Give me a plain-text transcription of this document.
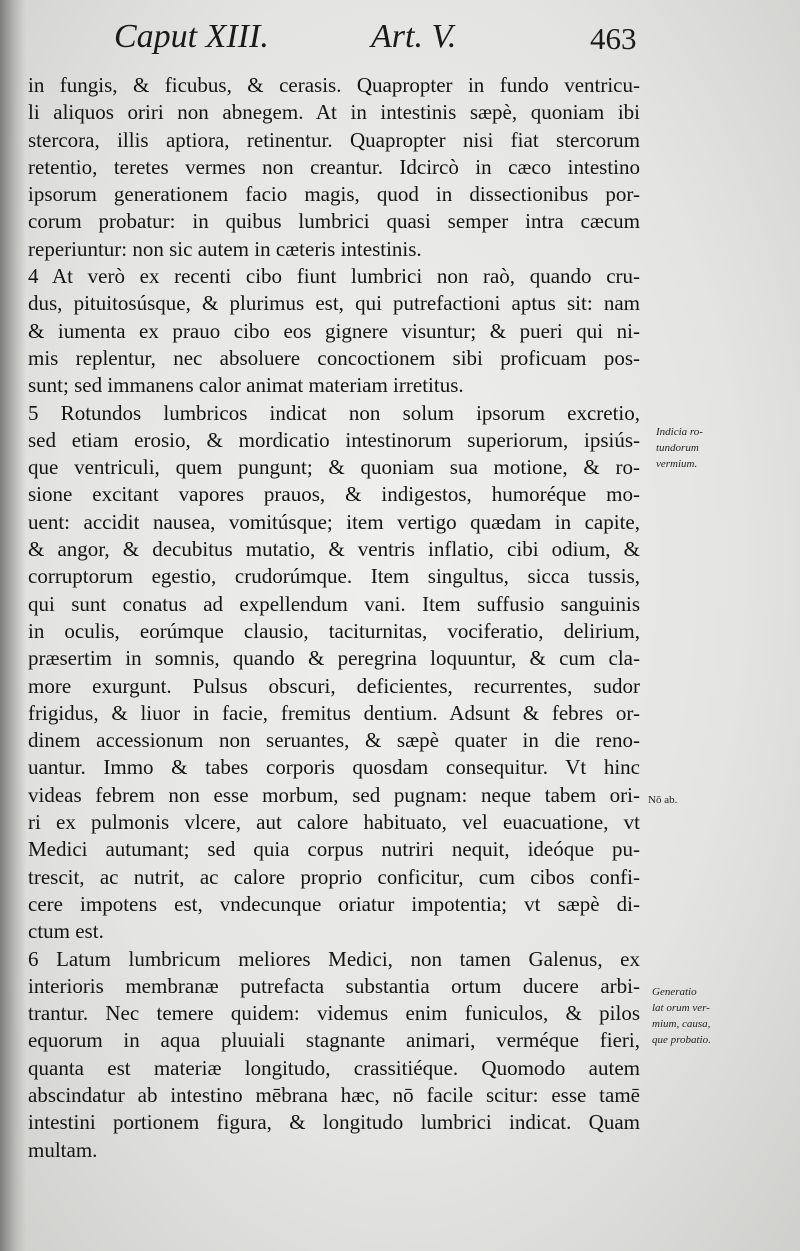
Caput XIII.	Art. V.	463
in fungis, & ficubus, & cerasis. Quapropter in fundo ventricu-
li aliquos oriri non abnegem. At in intestinis sæpè, quoniam ibi
stercora, illis aptiora, retinentur. Quapropter nisi fiat stercorum
retentio, teretes vermes non creantur. Idcircò in cæco intestino
ipsorum generationem facio magis, quod in dissectionibus por-
corum probatur: in quibus lumbrici quasi semper intra cæcum
reperiuntur: non sic autem in cæteris intestinis.
4 At verò ex recenti cibo fiunt lumbrici non raò, quando cru-
dus, pituitosúsque, & plurimus est, qui putrefactioni aptus sit: nam
& iumenta ex prauo cibo eos gignere visuntur; & pueri qui ni-
mis replentur, nec absoluere concoctionem sibi proficuam pos-
sunt; sed immanens calor animat materiam irretitus.
5 Rotundos lumbricos indicat non solum ipsorum excretio,
sed etiam erosio, & mordicatio intestinorum superiorum, ipsiús-
que ventriculi, quem pungunt; & quoniam sua motione, & ro-
sione excitant vapores prauos, & indigestos, humoréque mo-
uent: accidit nausea, vomitúsque; item vertigo quædam in capite,
& angor, & decubitus mutatio, & ventris inflatio, cibi odium, &
corruptorum egestio, crudorúmque. Item singultus, sicca tussis,
qui sunt conatus ad expellendum vani. Item suffusio sanguinis
in oculis, eorúmque clausio, taciturnitas, vociferatio, delirium,
præsertim in somnis, quando & peregrina loquuntur, & cum cla-
more exurgunt. Pulsus obscuri, deficientes, recurrentes, sudor
frigidus, & liuor in facie, fremitus dentium. Adsunt & febres or-
dinem accessionum non seruantes, & sæpè quater in die reno-
uantur. Immo & tabes corporis quosdam consequitur. Vt hinc
videas febrem non esse morbum, sed pugnam: neque tabem ori-
ri ex pulmonis vlcere, aut calore habituato, vel euacuatione, vt
Medici autumant; sed quia corpus nutriri nequit, ideóque pu-
trescit, ac nutrit, ac calore proprio conficitur, cum cibos confi-
cere impotens est, vndecunque oriatur impotentia; vt sæpè di-
ctum est.
6 Latum lumbricum meliores Medici, non tamen Galenus, ex
interioris membranæ putrefacta substantia ortum ducere arbi-
trantur. Nec temere quidem: videmus enim funiculos, & pilos
equorum in aqua pluuiali stagnante animari, verméque fieri,
quanta est materiæ longitudo, crassitiéque. Quomodo autem
abscindatur ab intestino mēbrana hæc, nō facile scitur: esse tamē
intestini portionem figura, & longitudo lumbrici indicat. Quam
multam.
Indicia ro-
tundorum
vermium.
Nō ab.
Generatio
lat orum ver-
mium, causa,
que probatio.
